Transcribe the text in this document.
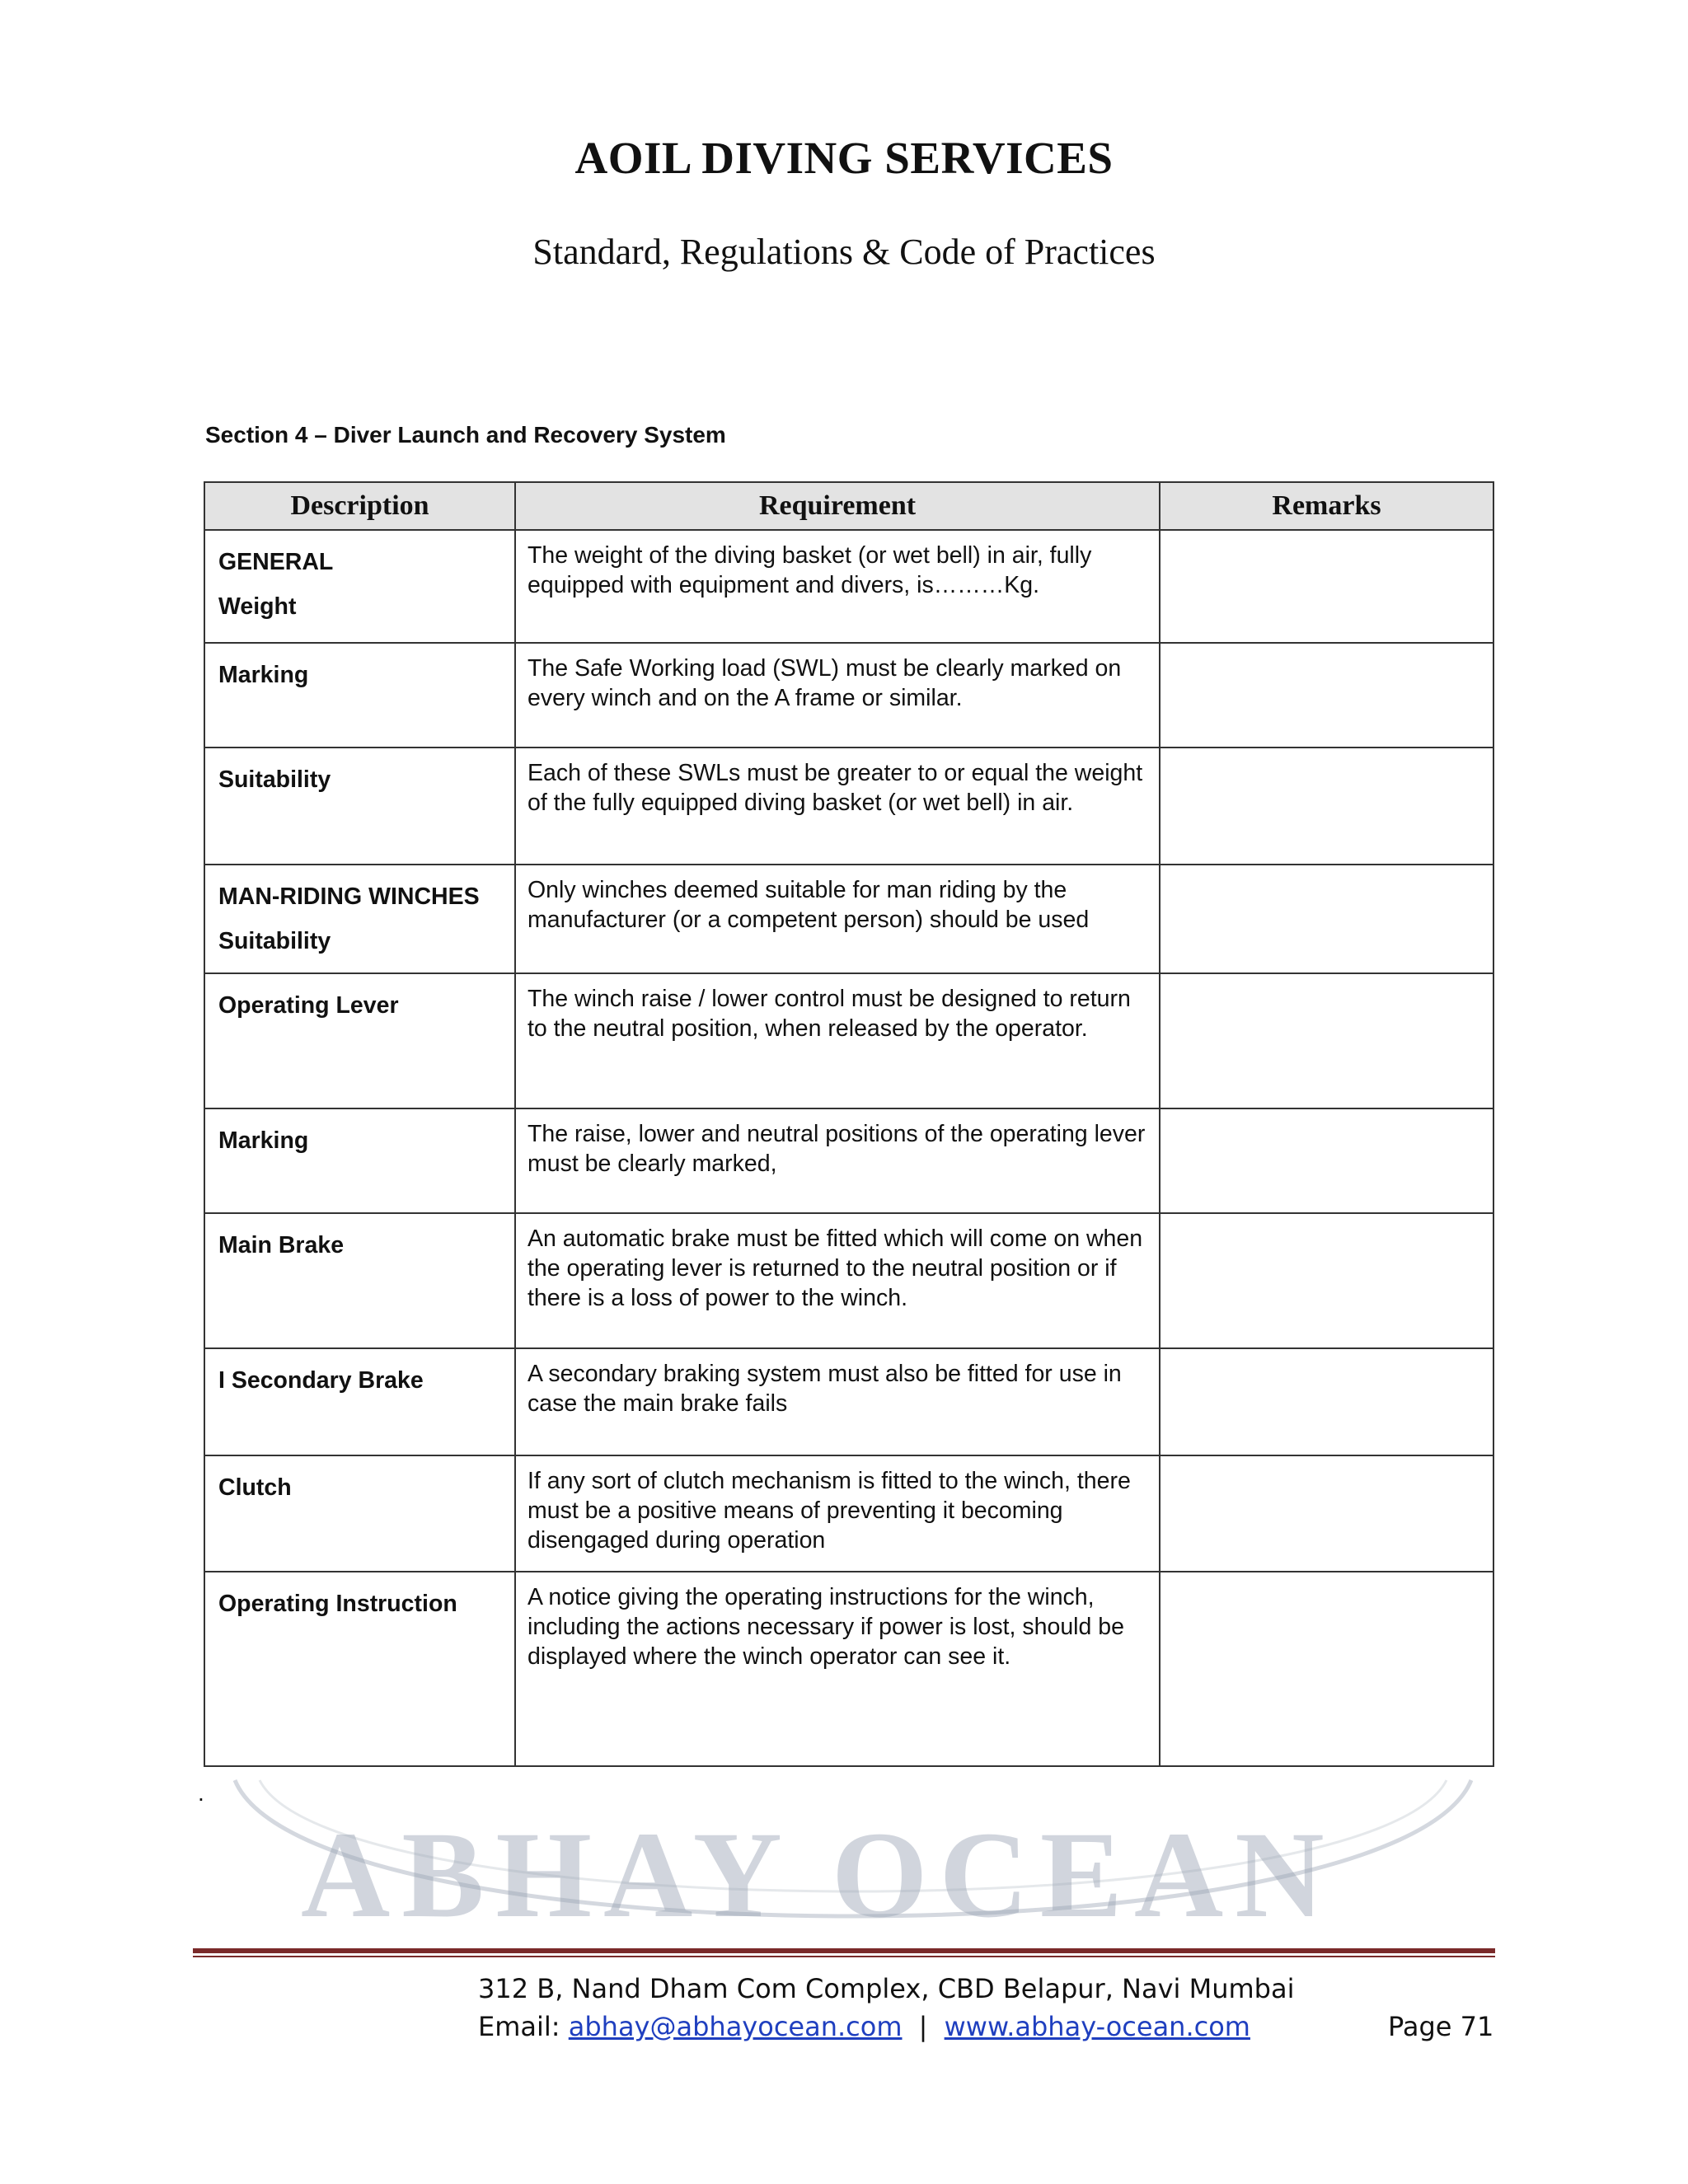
AOIL DIVING SERVICES
Standard, Regulations & Code of Practices
Section 4 – Diver Launch and Recovery System
Description	Requirement	Remarks

GENERAL
Weight	The weight of the diving basket (or wet bell) in air, fully equipped with equipment and divers, is………Kg.	

Marking	The Safe Working load (SWL) must be clearly marked on every winch and on the A frame or similar.	

Suitability	Each of these SWLs must be greater to or equal the weight of the fully equipped diving basket (or wet bell) in air.	

MAN-RIDING WINCHES
Suitability	Only winches deemed suitable for man riding by the manufacturer (or a competent person) should be used	

Operating Lever	The winch raise / lower control must be designed to return to the neutral position, when released by the operator.	

Marking	The raise, lower and neutral positions of the operating lever must be clearly marked,	

Main Brake	An automatic brake must be fitted which will come on when the operating lever is returned to the neutral position or if there is a loss of power to the winch.	

I Secondary Brake	A secondary braking system must also be fitted for use in case the main brake fails	

Clutch	If any sort of clutch mechanism is fitted to the winch, there must be a positive means of preventing it becoming disengaged during operation	

Operating Instruction	A notice giving the operating instructions for the winch, including the actions necessary if power is lost, should be displayed where the winch operator can see it.	
.
ABHAY OCEAN
312 B, Nand Dham Com Complex, CBD Belapur, Navi Mumbai
Email: abhay@abhayocean.com | www.abhay-ocean.com	Page 71
